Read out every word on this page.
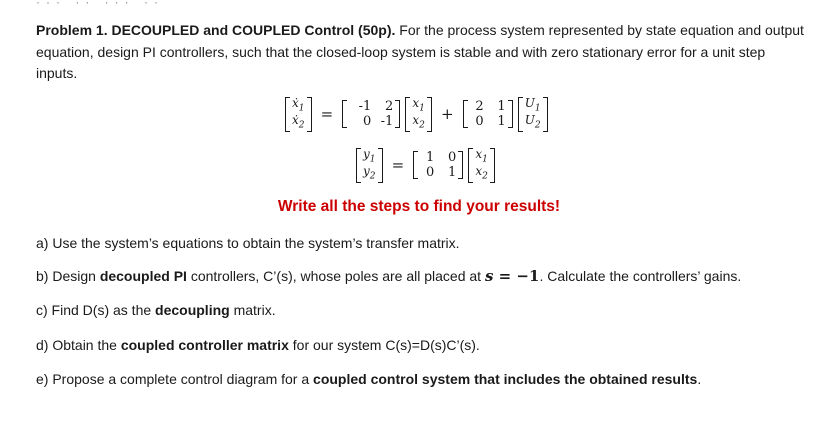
··· ·· ··· ··
Problem 1. DECOUPLED and COUPLED Control (50p). For the process system represented by state equation and output equation, design PI controllers, such that the closed-loop system is stable and with zero stationary error for a unit step inputs.
ẋ$_1$
ẋ$_2$
= -1 2
0 -1

$x_1$
$x_2$
+ 2 1
0 1

$U_1$
$U_2$
$y_1$
$y_2$
= 1 0
0 1

$x_1$
$x_2$
Write all the steps to find your results!
a) Use the system’s equations to obtain the system’s transfer matrix.
b) Design decoupled PI controllers, C’(s), whose poles are all placed at s = −1. Calculate the controllers’ gains.
c) Find D(s) as the decoupling matrix.
d) Obtain the coupled controller matrix for our system C(s)=D(s)C’(s).
e) Propose a complete control diagram for a coupled control system that includes the obtained results.
